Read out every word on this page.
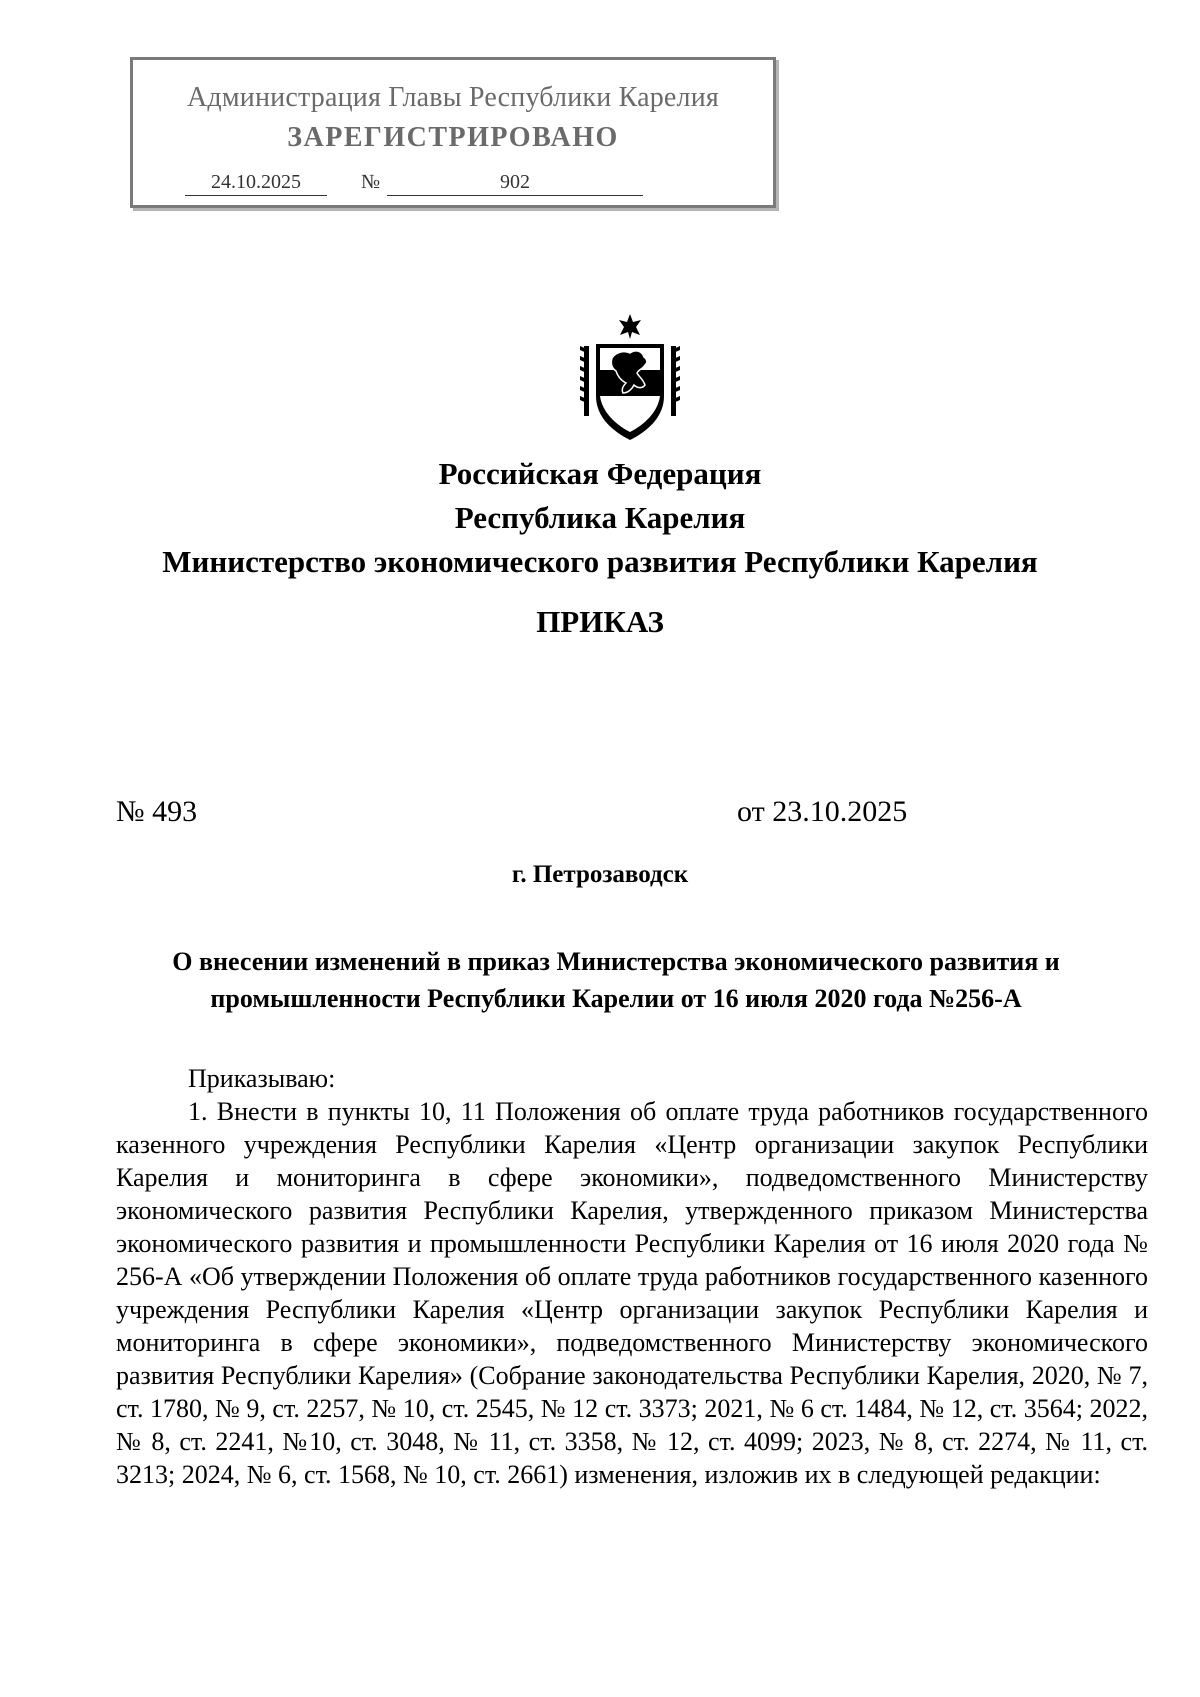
Администрация Главы Республики Карелия
ЗАРЕГИСТРИРОВАНО
24.10.2025	№	902
Российская Федерация
Республика Карелия
Министерство экономического развития Республики Карелия
ПРИКАЗ
№ 493	от 23.10.2025
г. Петрозаводск
О внесении изменений в приказ Министерства экономического развития и
промышленности Республики Карелии от 16 июля 2020 года №256-А

Приказываю:

1. Внести в пункты 10, 11 Положения об оплате труда работников государственного казенного учреждения Республики Карелия «Центр организации закупок Республики Карелия и мониторинга в сфере экономики», подведомственного Министерству экономического развития Республики Карелия, утвержденного приказом Министерства экономического развития и промышленности Республики Карелия от 16 июля 2020 года № 256-А «Об утверждении Положения об оплате труда работников государственного казенного учреждения Республики Карелия «Центр организации закупок Республики Карелия и мониторинга в сфере экономики», подведомственного Министерству экономического развития Республики Карелия» (Собрание законодательства Республики Карелия, 2020, № 7, ст. 1780, № 9, ст. 2257, № 10, ст. 2545, № 12 ст. 3373; 2021, № 6 ст. 1484, № 12, ст. 3564; 2022, № 8, ст. 2241, №10, ст. 3048, № 11, ст. 3358, № 12, ст. 4099; 2023, № 8, ст. 2274, № 11, ст. 3213; 2024, № 6, ст. 1568, № 10, ст. 2661) изменения, изложив их в следующей редакции:
